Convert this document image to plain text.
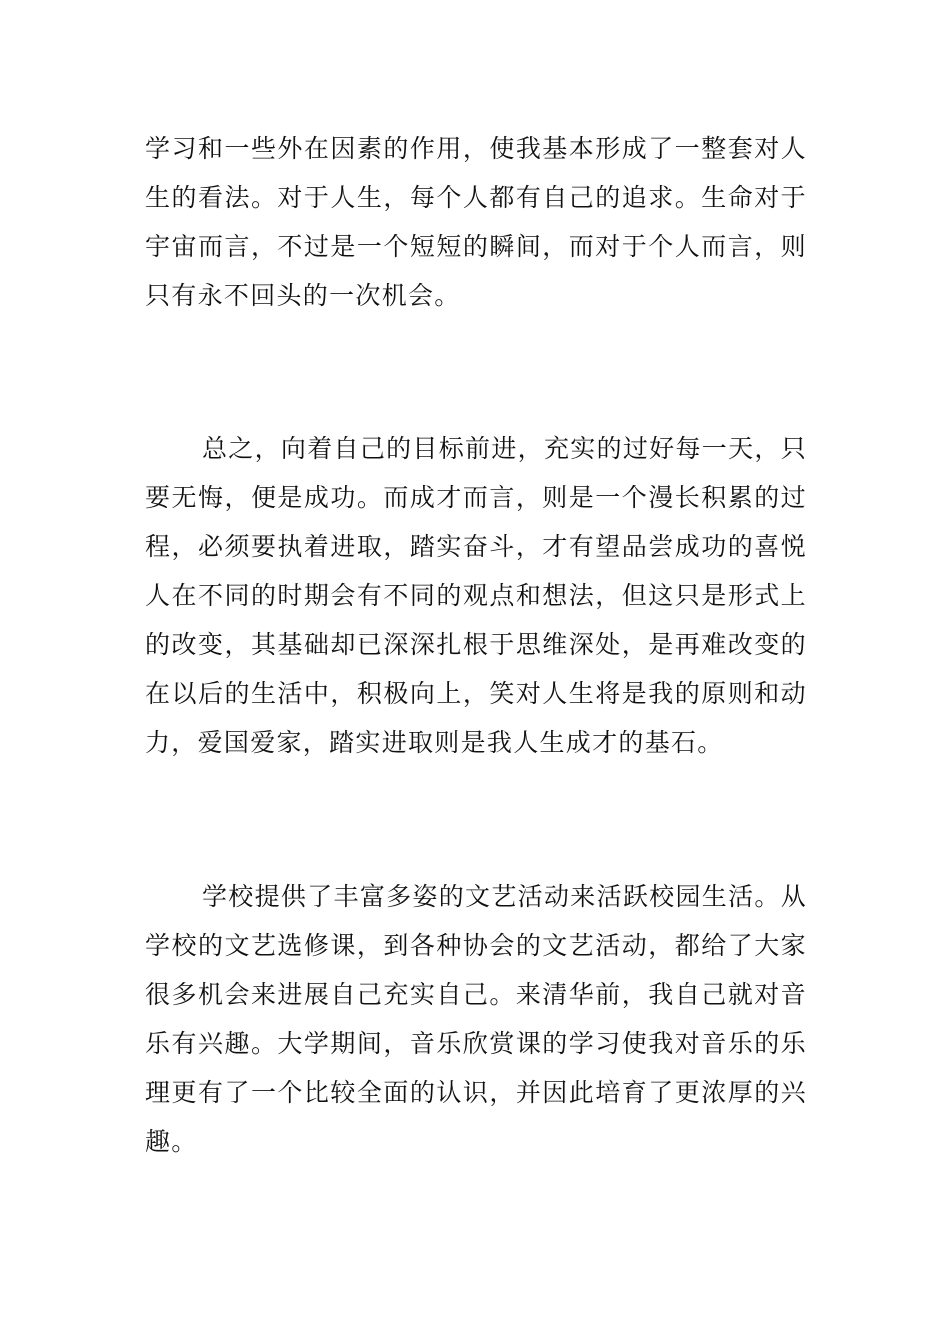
学习和一些外在因素的作用，使我基本形成了一整套对人
生的看法。对于人生，每个人都有自己的追求。生命对于
宇宙而言，不过是一个短短的瞬间，而对于个人而言，则
只有永不回头的一次机会。
总之，向着自己的目标前进，充实的过好每一天，只
要无悔，便是成功。而成才而言，则是一个漫长积累的过
程，必须要执着进取，踏实奋斗，才有望品尝成功的喜悦
人在不同的时期会有不同的观点和想法，但这只是形式上
的改变，其基础却已深深扎根于思维深处，是再难改变的
在以后的生活中，积极向上，笑对人生将是我的原则和动
力，爱国爱家，踏实进取则是我人生成才的基石。
学校提供了丰富多姿的文艺活动来活跃校园生活。从
学校的文艺选修课，到各种协会的文艺活动，都给了大家
很多机会来进展自己充实自己。来清华前，我自己就对音
乐有兴趣。大学期间，音乐欣赏课的学习使我对音乐的乐
理更有了一个比较全面的认识，并因此培育了更浓厚的兴
趣。
